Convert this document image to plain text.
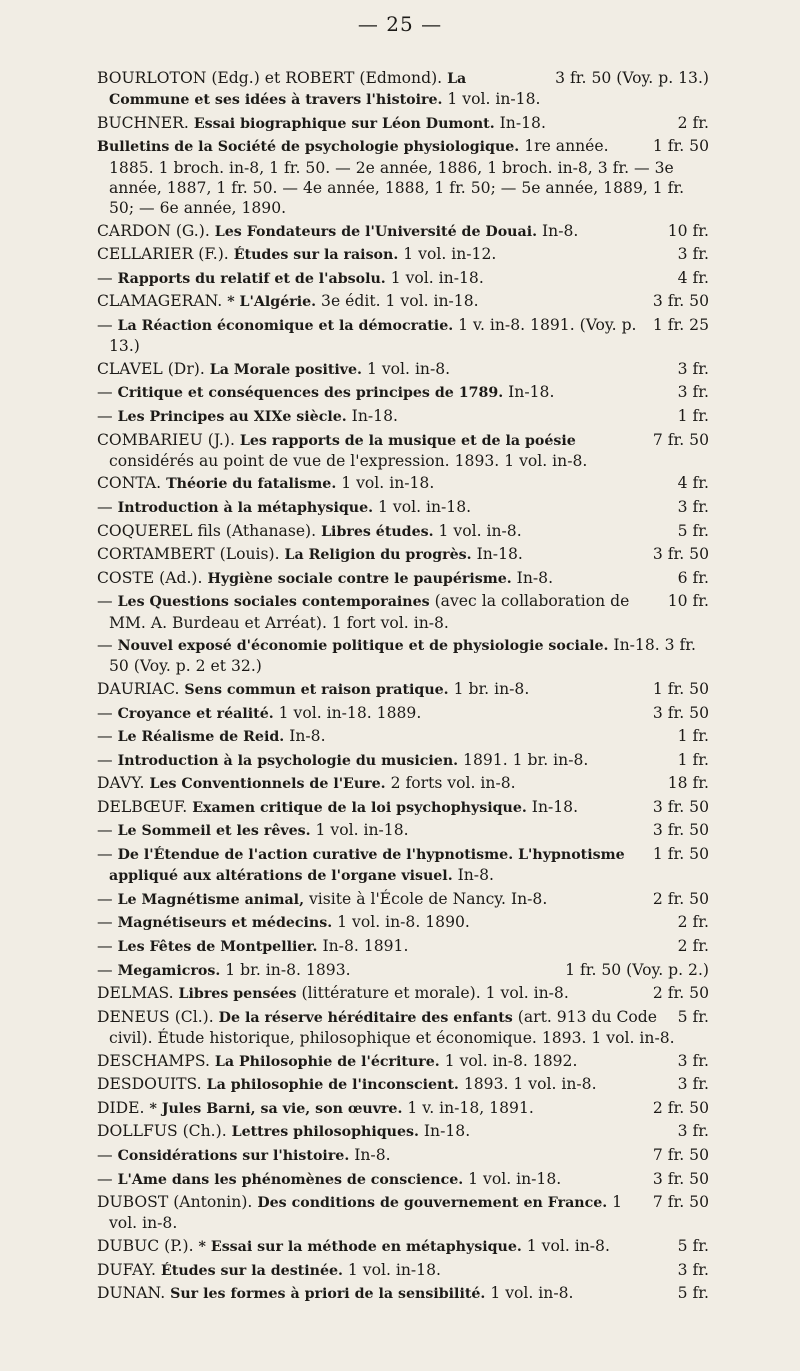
— 25 —
3 fr. 50 (Voy. p. 13.)
BOURLOTON (Edg.) et ROBERT (Edmond). La Commune et ses idées à travers l'histoire. 1 vol. in-18.
2 fr.
BUCHNER. Essai biographique sur Léon Dumont. In-18.
1 fr. 50
Bulletins de la Société de psychologie physiologique. 1re année. 1885. 1 broch. in-8, 1 fr. 50. — 2e année, 1886, 1 broch. in-8, 3 fr. — 3e année, 1887, 1 fr. 50. — 4e année, 1888, 1 fr. 50; — 5e année, 1889, 1 fr. 50; — 6e année, 1890.
10 fr.
CARDON (G.). Les Fondateurs de l'Université de Douai. In-8.
3 fr.
CELLARIER (F.). Études sur la raison. 1 vol. in-12.
4 fr.
— Rapports du relatif et de l'absolu. 1 vol. in-18.
3 fr. 50
CLAMAGERAN. * L'Algérie. 3e édit. 1 vol. in-18.
1 fr. 25
— La Réaction économique et la démocratie. 1 v. in-8. 1891. (Voy. p. 13.)
3 fr.
CLAVEL (Dr). La Morale positive. 1 vol. in-8.
3 fr.
— Critique et conséquences des principes de 1789. In-18.
1 fr.
— Les Principes au XIXe siècle. In-18.
7 fr. 50
COMBARIEU (J.). Les rapports de la musique et de la poésie considérés au point de vue de l'expression. 1893. 1 vol. in-8.
4 fr.
CONTA. Théorie du fatalisme. 1 vol. in-18.
3 fr.
— Introduction à la métaphysique. 1 vol. in-18.
5 fr.
COQUEREL fils (Athanase). Libres études. 1 vol. in-8.
3 fr. 50
CORTAMBERT (Louis). La Religion du progrès. In-18.
6 fr.
COSTE (Ad.). Hygiène sociale contre le paupérisme. In-8.
10 fr.
— Les Questions sociales contemporaines (avec la collaboration de MM. A. Burdeau et Arréat). 1 fort vol. in-8.
— Nouvel exposé d'économie politique et de physiologie sociale. In-18. 3 fr. 50 (Voy. p. 2 et 32.)
1 fr. 50
DAURIAC. Sens commun et raison pratique. 1 br. in-8.
3 fr. 50
— Croyance et réalité. 1 vol. in-18. 1889.
1 fr.
— Le Réalisme de Reid. In-8.
1 fr.
— Introduction à la psychologie du musicien. 1891. 1 br. in-8.
18 fr.
DAVY. Les Conventionnels de l'Eure. 2 forts vol. in-8.
3 fr. 50
DELBŒUF. Examen critique de la loi psychophysique. In-18.
3 fr. 50
— Le Sommeil et les rêves. 1 vol. in-18.
1 fr. 50
— De l'Étendue de l'action curative de l'hypnotisme. L'hypnotisme appliqué aux altérations de l'organe visuel. In-8.
2 fr. 50
— Le Magnétisme animal, visite à l'École de Nancy. In-8.
2 fr.
— Magnétiseurs et médecins. 1 vol. in-8. 1890.
2 fr.
— Les Fêtes de Montpellier. In-8. 1891.
1 fr. 50 (Voy. p. 2.)
— Megamicros. 1 br. in-8. 1893.
2 fr. 50
DELMAS. Libres pensées (littérature et morale). 1 vol. in-8.
5 fr.
DENEUS (Cl.). De la réserve héréditaire des enfants (art. 913 du Code civil). Étude historique, philosophique et économique. 1893. 1 vol. in-8.
3 fr.
DESCHAMPS. La Philosophie de l'écriture. 1 vol. in-8. 1892.
3 fr.
DESDOUITS. La philosophie de l'inconscient. 1893. 1 vol. in-8.
2 fr. 50
DIDE. * Jules Barni, sa vie, son œuvre. 1 v. in-18, 1891.
3 fr.
DOLLFUS (Ch.). Lettres philosophiques. In-18.
7 fr. 50
— Considérations sur l'histoire. In-8.
3 fr. 50
— L'Ame dans les phénomènes de conscience. 1 vol. in-18.
7 fr. 50
DUBOST (Antonin). Des conditions de gouvernement en France. 1 vol. in-8.
5 fr.
DUBUC (P.). * Essai sur la méthode en métaphysique. 1 vol. in-8.
3 fr.
DUFAY. Études sur la destinée. 1 vol. in-18.
5 fr.
DUNAN. Sur les formes à priori de la sensibilité. 1 vol. in-8.
